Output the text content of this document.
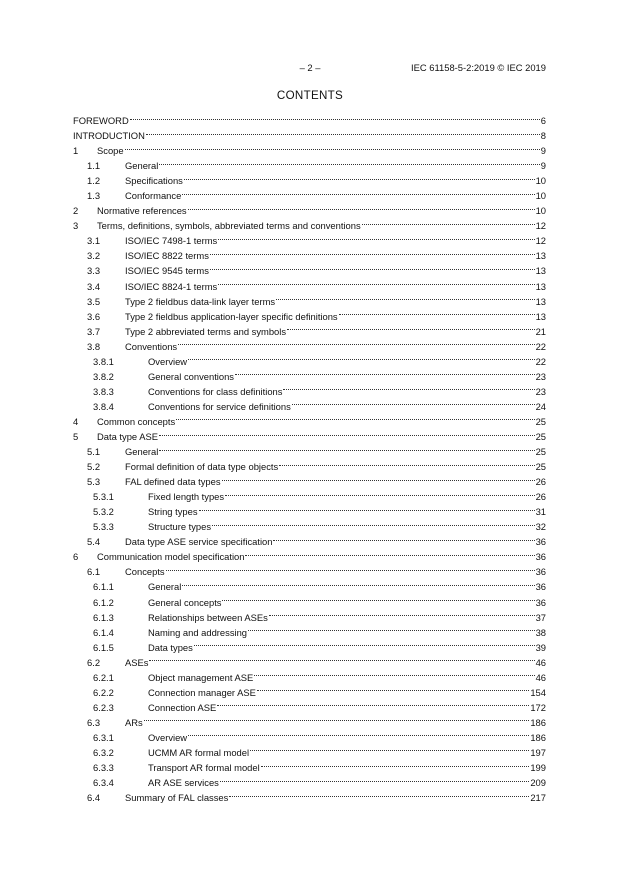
– 2 –	IEC 61158-5-2:2019 © IEC 2019
CONTENTS
FOREWORD	6
INTRODUCTION	8
1	Scope	9
1.1	General	9
1.2	Specifications	10
1.3	Conformance	10
2	Normative references	10
3	Terms, definitions, symbols, abbreviated terms and conventions	12
3.1	ISO/IEC 7498-1 terms	12
3.2	ISO/IEC 8822 terms	13
3.3	ISO/IEC 9545 terms	13
3.4	ISO/IEC 8824-1 terms	13
3.5	Type 2 fieldbus data-link layer terms	13
3.6	Type 2 fieldbus application-layer specific definitions	13
3.7	Type 2 abbreviated terms and symbols	21
3.8	Conventions	22
3.8.1	Overview	22
3.8.2	General conventions	23
3.8.3	Conventions for class definitions	23
3.8.4	Conventions for service definitions	24
4	Common concepts	25
5	Data type ASE	25
5.1	General	25
5.2	Formal definition of data type objects	25
5.3	FAL defined data types	26
5.3.1	Fixed length types	26
5.3.2	String types	31
5.3.3	Structure types	32
5.4	Data type ASE service specification	36
6	Communication model specification	36
6.1	Concepts	36
6.1.1	General	36
6.1.2	General concepts	36
6.1.3	Relationships between ASEs	37
6.1.4	Naming and addressing	38
6.1.5	Data types	39
6.2	ASEs	46
6.2.1	Object management ASE	46
6.2.2	Connection manager ASE	154
6.2.3	Connection ASE	172
6.3	ARs	186
6.3.1	Overview	186
6.3.2	UCMM AR formal model	197
6.3.3	Transport AR formal model	199
6.3.4	AR ASE services	209
6.4	Summary of FAL classes	217
